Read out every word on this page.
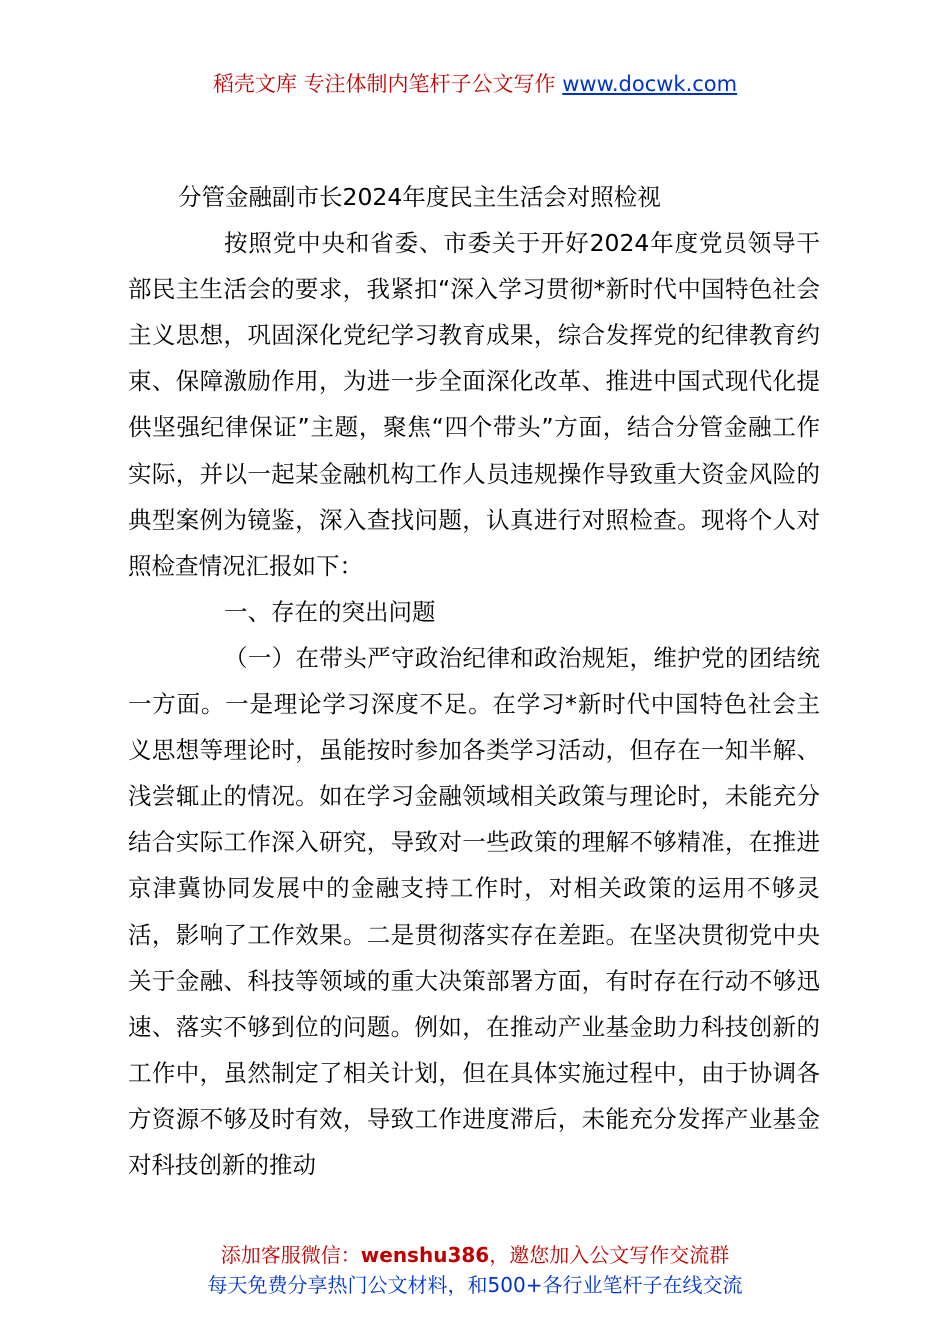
稻壳文库 专注体制内笔杆子公文写作 www.docwk.com

分管金融副市长2024年度民主生活会对照检视

按照党中央和省委、市委关于开好2024年度党员领导干部民主生活会的要求，我紧扣“深入学习贯彻*新时代中国特色社会主义思想，巩固深化党纪学习教育成果，综合发挥党的纪律教育约束、保障激励作用，为进一步全面深化改革、推进中国式现代化提供坚强纪律保证”主题，聚焦“四个带头”方面，结合分管金融工作实际，并以一起某金融机构工作人员违规操作导致重大资金风险的典型案例为镜鉴，深入查找问题，认真进行对照检查。现将个人对照检查情况汇报如下：

一、存在的突出问题

（一）在带头严守政治纪律和政治规矩，维护党的团结统一方面。一是理论学习深度不足。在学习*新时代中国特色社会主义思想等理论时，虽能按时参加各类学习活动，但存在一知半解、浅尝辄止的情况。如在学习金融领域相关政策与理论时，未能充分结合实际工作深入研究，导致对一些政策的理解不够精准，在推进京津冀协同发展中的金融支持工作时，对相关政策的运用不够灵活，影响了工作效果。二是贯彻落实存在差距。在坚决贯彻党中央关于金融、科技等领域的重大决策部署方面，有时存在行动不够迅速、落实不够到位的问题。例如，在推动产业基金助力科技创新的工作中，虽然制定了相关计划，但在具体实施过程中，由于协调各方资源不够及时有效，导致工作进度滞后，未能充分发挥产业基金对科技创新的推动

添加客服微信：wenshu386，邀您加入公文写作交流群
每天免费分享热门公文材料，和500+各行业笔杆子在线交流
